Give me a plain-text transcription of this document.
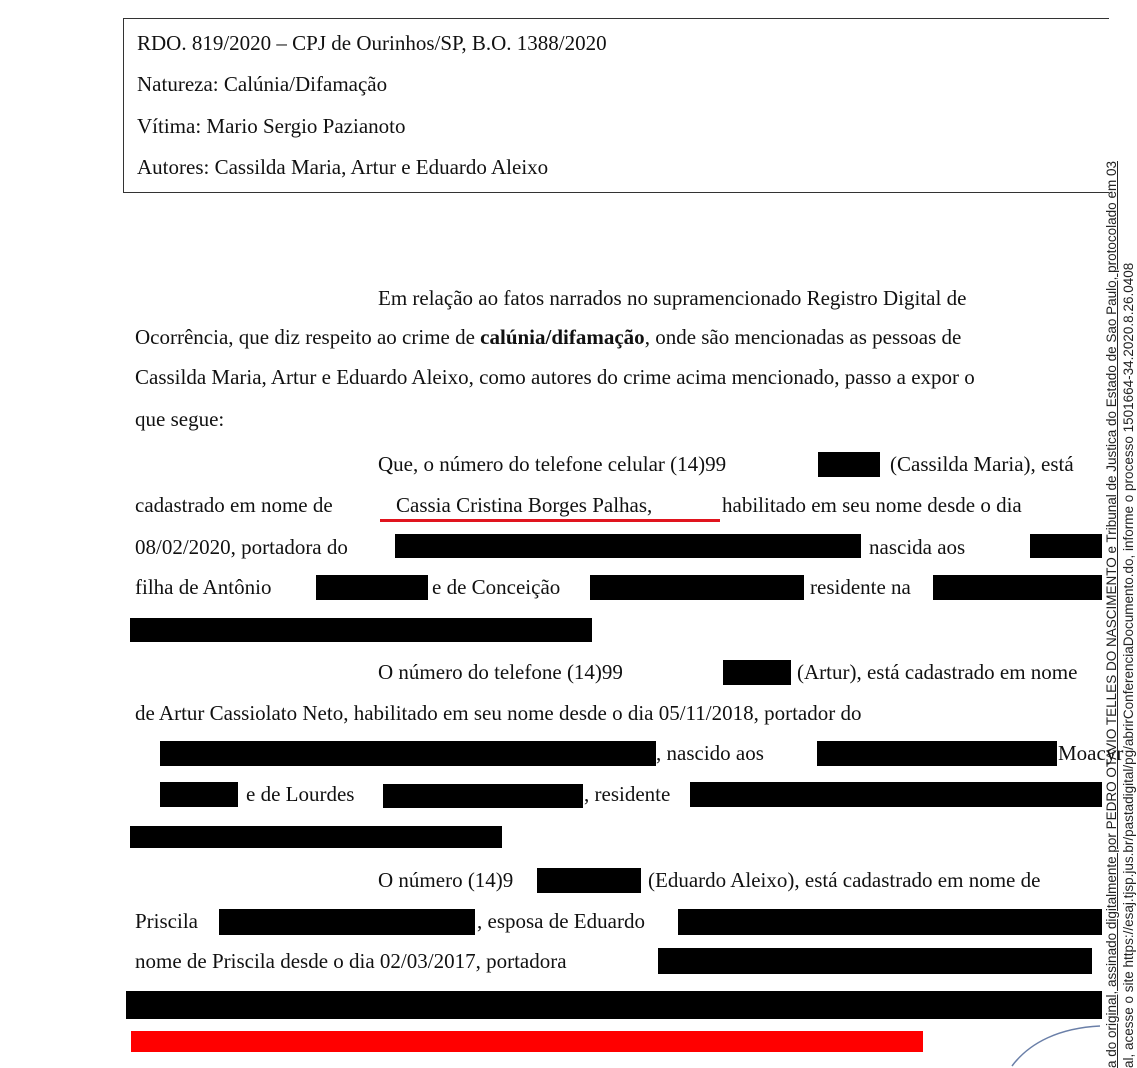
RDO. 819/2020 – CPJ de Ourinhos/SP, B.O. 1388/2020
Natureza: Calúnia/Difamação
Vítima: Mario Sergio Pazianoto
Autores: Cassilda Maria, Artur e Eduardo Aleixo
Em relação ao fatos narrados no supramencionado Registro Digital de
Ocorrência, que diz respeito ao crime de calúnia/difamação, onde são mencionadas as pessoas de
Cassilda Maria, Artur e Eduardo Aleixo, como autores do crime acima mencionado, passo a expor o
que segue:
Que, o número do telefone celular (14)99	(Cassilda Maria), está
cadastrado em nome de	Cassia Cristina Borges Palhas,	habilitado em seu nome desde o dia
08/02/2020, portadora do	nascida aos
filha de Antônio	e de Conceição	residente na
O número do telefone (14)99	(Artur), está cadastrado em nome
de Artur Cassiolato Neto, habilitado em seu nome desde o dia 05/11/2018, portador do
, nascido aos	Moacyr
e de Lourdes	, residente
O número (14)9	(Eduardo Aleixo), está cadastrado em nome de
Priscila	, esposa de Eduardo
nome de Priscila desde o dia 02/03/2017, portadora	a do original, assinado digitalmente por PEDRO OTAVIO TELLES DO NASCIMENTO e Tribunal de Justica do Estado de Sao Paulo, protocolado em 03 al, acesse o site https://esaj.tjsp.jus.br/pastadigital/pg/abrirConferenciaDocumento.do, informe o processo 1501664-34.2020.8.26.0408
